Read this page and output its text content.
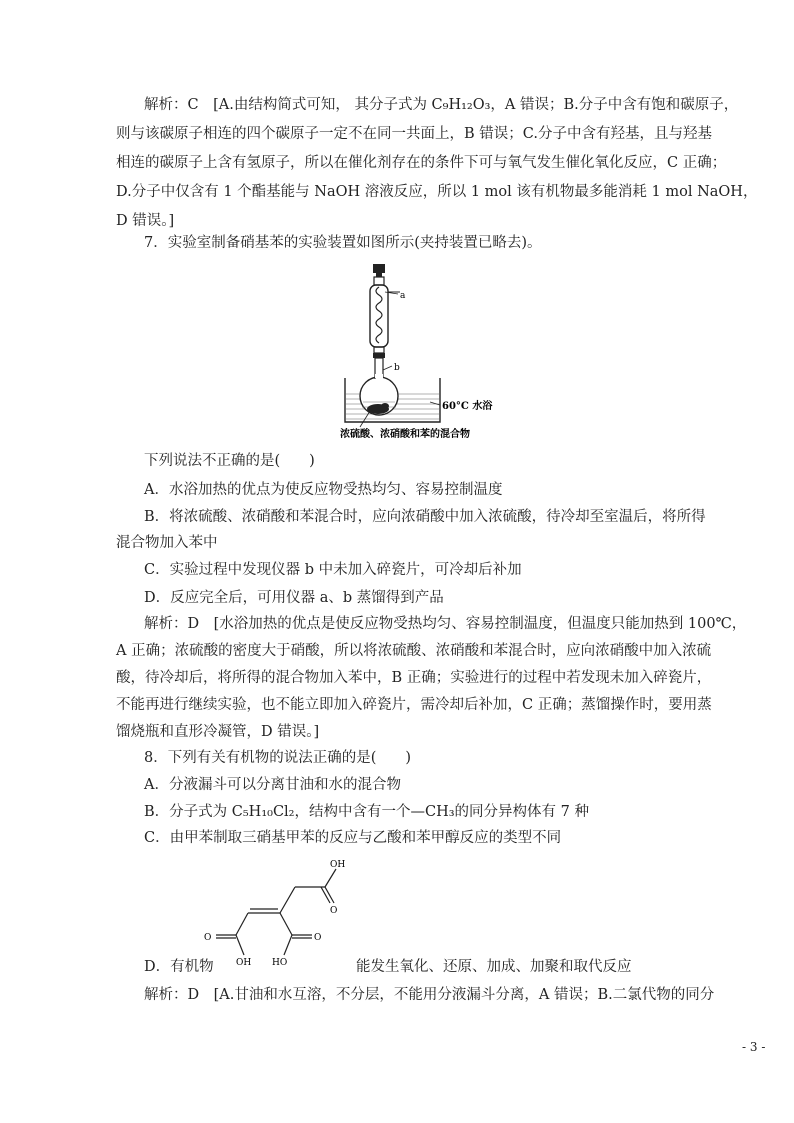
解析：C　[A.由结构简式可知， 其分子式为 C₉H₁₂O₃，A 错误；B.分子中含有饱和碳原子，
则与该碳原子相连的四个碳原子一定不在同一共面上，B 错误；C.分子中含有羟基，且与羟基
相连的碳原子上含有氢原子，所以在催化剂存在的条件下可与氧气发生催化氧化反应，C 正确；
D.分子中仅含有 1 个酯基能与 NaOH 溶液反应，所以 1 mol 该有机物最多能消耗 1 mol NaOH，
D 错误。]
7．实验室制备硝基苯的实验装置如图所示(夹持装置已略去)。
a
b
60°C 水浴
浓硫酸、浓硝酸和苯的混合物
下列说法不正确的是(　　)
A．水浴加热的优点为使反应物受热均匀、容易控制温度
B．将浓硫酸、浓硝酸和苯混合时，应向浓硝酸中加入浓硫酸，待冷却至室温后，将所得
混合物加入苯中
C．实验过程中发现仪器 b 中未加入碎瓷片，可冷却后补加
D．反应完全后，可用仪器 a、b 蒸馏得到产品
解析：D　[水浴加热的优点是使反应物受热均匀、容易控制温度，但温度只能加热到 100℃，
A 正确；浓硫酸的密度大于硝酸，所以将浓硫酸、浓硝酸和苯混合时，应向浓硝酸中加入浓硫
酸，待冷却后，将所得的混合物加入苯中，B 正确；实验进行的过程中若发现未加入碎瓷片，
不能再进行继续实验，也不能立即加入碎瓷片，需冷却后补加，C 正确；蒸馏操作时，要用蒸
馏烧瓶和直形冷凝管，D 错误。]
8．下列有关有机物的说法正确的是(　　)
A．分液漏斗可以分离甘油和水的混合物
B．分子式为 C₅H₁₀Cl₂，结构中含有一个—CH₃的同分异构体有 7 种
C．由甲苯制取三硝基甲苯的反应与乙酸和苯甲醇反应的类型不同
OH
O
O	O
OH HO
D．有机物	能发生氧化、还原、加成、加聚和取代反应
解析：D　[A.甘油和水互溶，不分层，不能用分液漏斗分离，A 错误；B.二氯代物的同分
- 3 -
